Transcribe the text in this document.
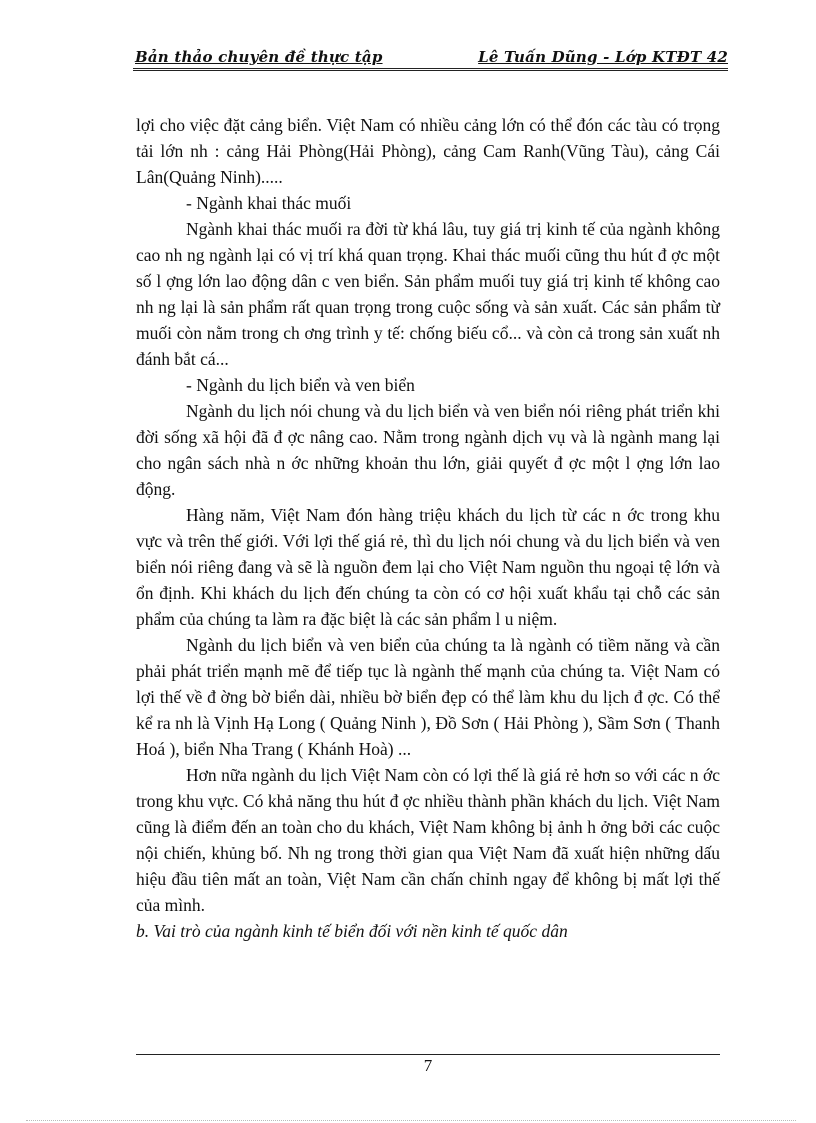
Bản thảo chuyên đề thực tập	Lê Tuấn Dũng - Lớp KTĐT 42

lợi cho việc đặt cảng biển. Việt Nam có nhiều cảng lớn có thể đón các tàu có trọng tải lớn nh : cảng Hải Phòng(Hải Phòng), cảng Cam Ranh(Vũng Tàu), cảng Cái Lân(Quảng Ninh).....

- Ngành khai thác muối

Ngành khai thác muối ra đời từ khá lâu, tuy giá trị kinh tế của ngành không cao nh ng ngành lại có vị trí khá quan trọng. Khai thác muối cũng thu hút đ ợc một số l ợng lớn lao động dân c ven biển. Sản phẩm muối tuy giá trị kinh tế không cao nh ng lại là sản phẩm rất quan trọng trong cuộc sống và sản xuất. Các sản phẩm từ muối còn nằm trong ch ơng trình y tế: chống biếu cổ... và còn cả trong sản xuất nh đánh bắt cá...

- Ngành du lịch biển và ven biển

Ngành du lịch nói chung và du lịch biển và ven biển nói riêng phát triển khi đời sống xã hội đã đ ợc nâng cao. Nằm trong ngành dịch vụ và là ngành mang lại cho ngân sách nhà n ớc những khoản thu lớn, giải quyết đ ợc một l ợng lớn lao động.

Hàng năm, Việt Nam đón hàng triệu khách du lịch từ các n ớc trong khu vực và trên thế giới. Với lợi thế giá rẻ, thì du lịch nói chung và du lịch biển và ven biển nói riêng đang và sẽ là nguồn đem lại cho Việt Nam nguồn thu ngoại tệ lớn và ổn định. Khi khách du lịch đến chúng ta còn có cơ hội xuất khẩu tại chỗ các sản phẩm của chúng ta làm ra đặc biệt là các sản phẩm l u niệm.

Ngành du lịch biển và ven biển của chúng ta là ngành có tiềm năng và cần phải phát triển mạnh mẽ để tiếp tục là ngành thế mạnh của chúng ta. Việt Nam có lợi thế về đ ờng bờ biển dài, nhiều bờ biển đẹp có thể làm khu du lịch đ ợc. Có thể kể ra nh là Vịnh Hạ Long ( Quảng Ninh ), Đồ Sơn ( Hải Phòng ), Sầm Sơn ( Thanh Hoá ), biển Nha Trang ( Khánh Hoà) ...

Hơn nữa ngành du lịch Việt Nam còn có lợi thế là giá rẻ hơn so với các n ớc trong khu vực. Có khả năng thu hút đ ợc nhiều thành phần khách du lịch. Việt Nam cũng là điểm đến an toàn cho du khách, Việt Nam không bị ảnh h ởng bởi các cuộc nội chiến, khủng bố. Nh ng trong thời gian qua Việt Nam đã xuất hiện những dấu hiệu đầu tiên mất an toàn, Việt Nam cần chấn chỉnh ngay để không bị mất lợi thế của mình.

b. Vai trò của ngành kinh tế biển đối với nền kinh tế quốc dân

7
